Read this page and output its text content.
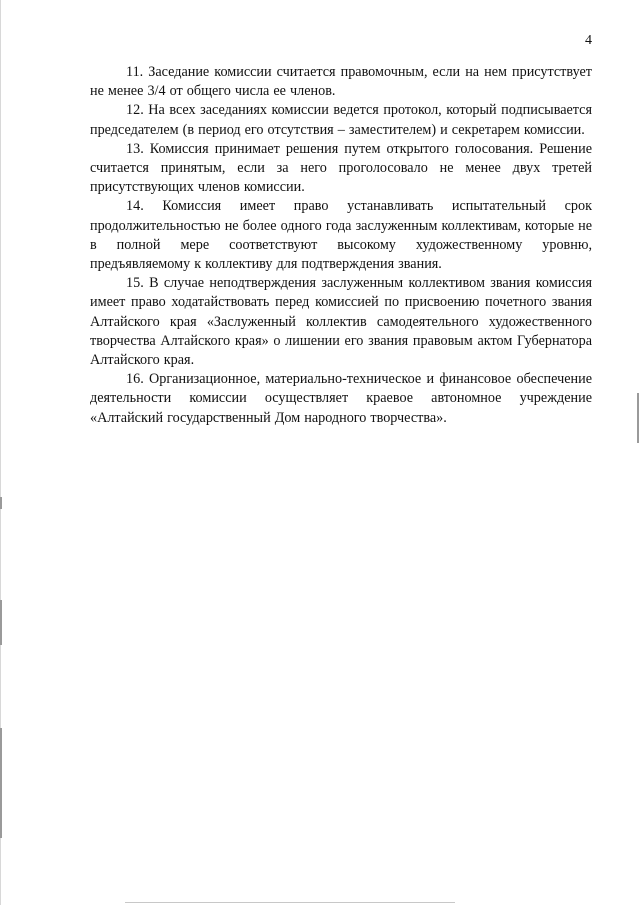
4

11. Заседание комиссии считается правомочным, если на нем присутствует не менее 3/4 от общего числа ее членов.

12. На всех заседаниях комиссии ведется протокол, который подписывается председателем (в период его отсутствия – заместителем) и секретарем комиссии.

13. Комиссия принимает решения путем открытого голосования. Решение считается принятым, если за него проголосовало не менее двух третей присутствующих членов комиссии.

14. Комиссия имеет право устанавливать испытательный срок продолжительностью не более одного года заслуженным коллективам, которые не в полной мере соответствуют высокому художественному уровню, предъявляемому к коллективу для подтверждения звания.

15. В случае неподтверждения заслуженным коллективом звания комиссия имеет право ходатайствовать перед комиссией по присвоению почетного звания Алтайского края «Заслуженный коллектив самодеятельного художественного творчества Алтайского края» о лишении его звания правовым актом Губернатора Алтайского края.

16. Организационное, материально-техническое и финансовое обеспечение деятельности комиссии осуществляет краевое автономное учреждение «Алтайский государственный Дом народного творчества».
